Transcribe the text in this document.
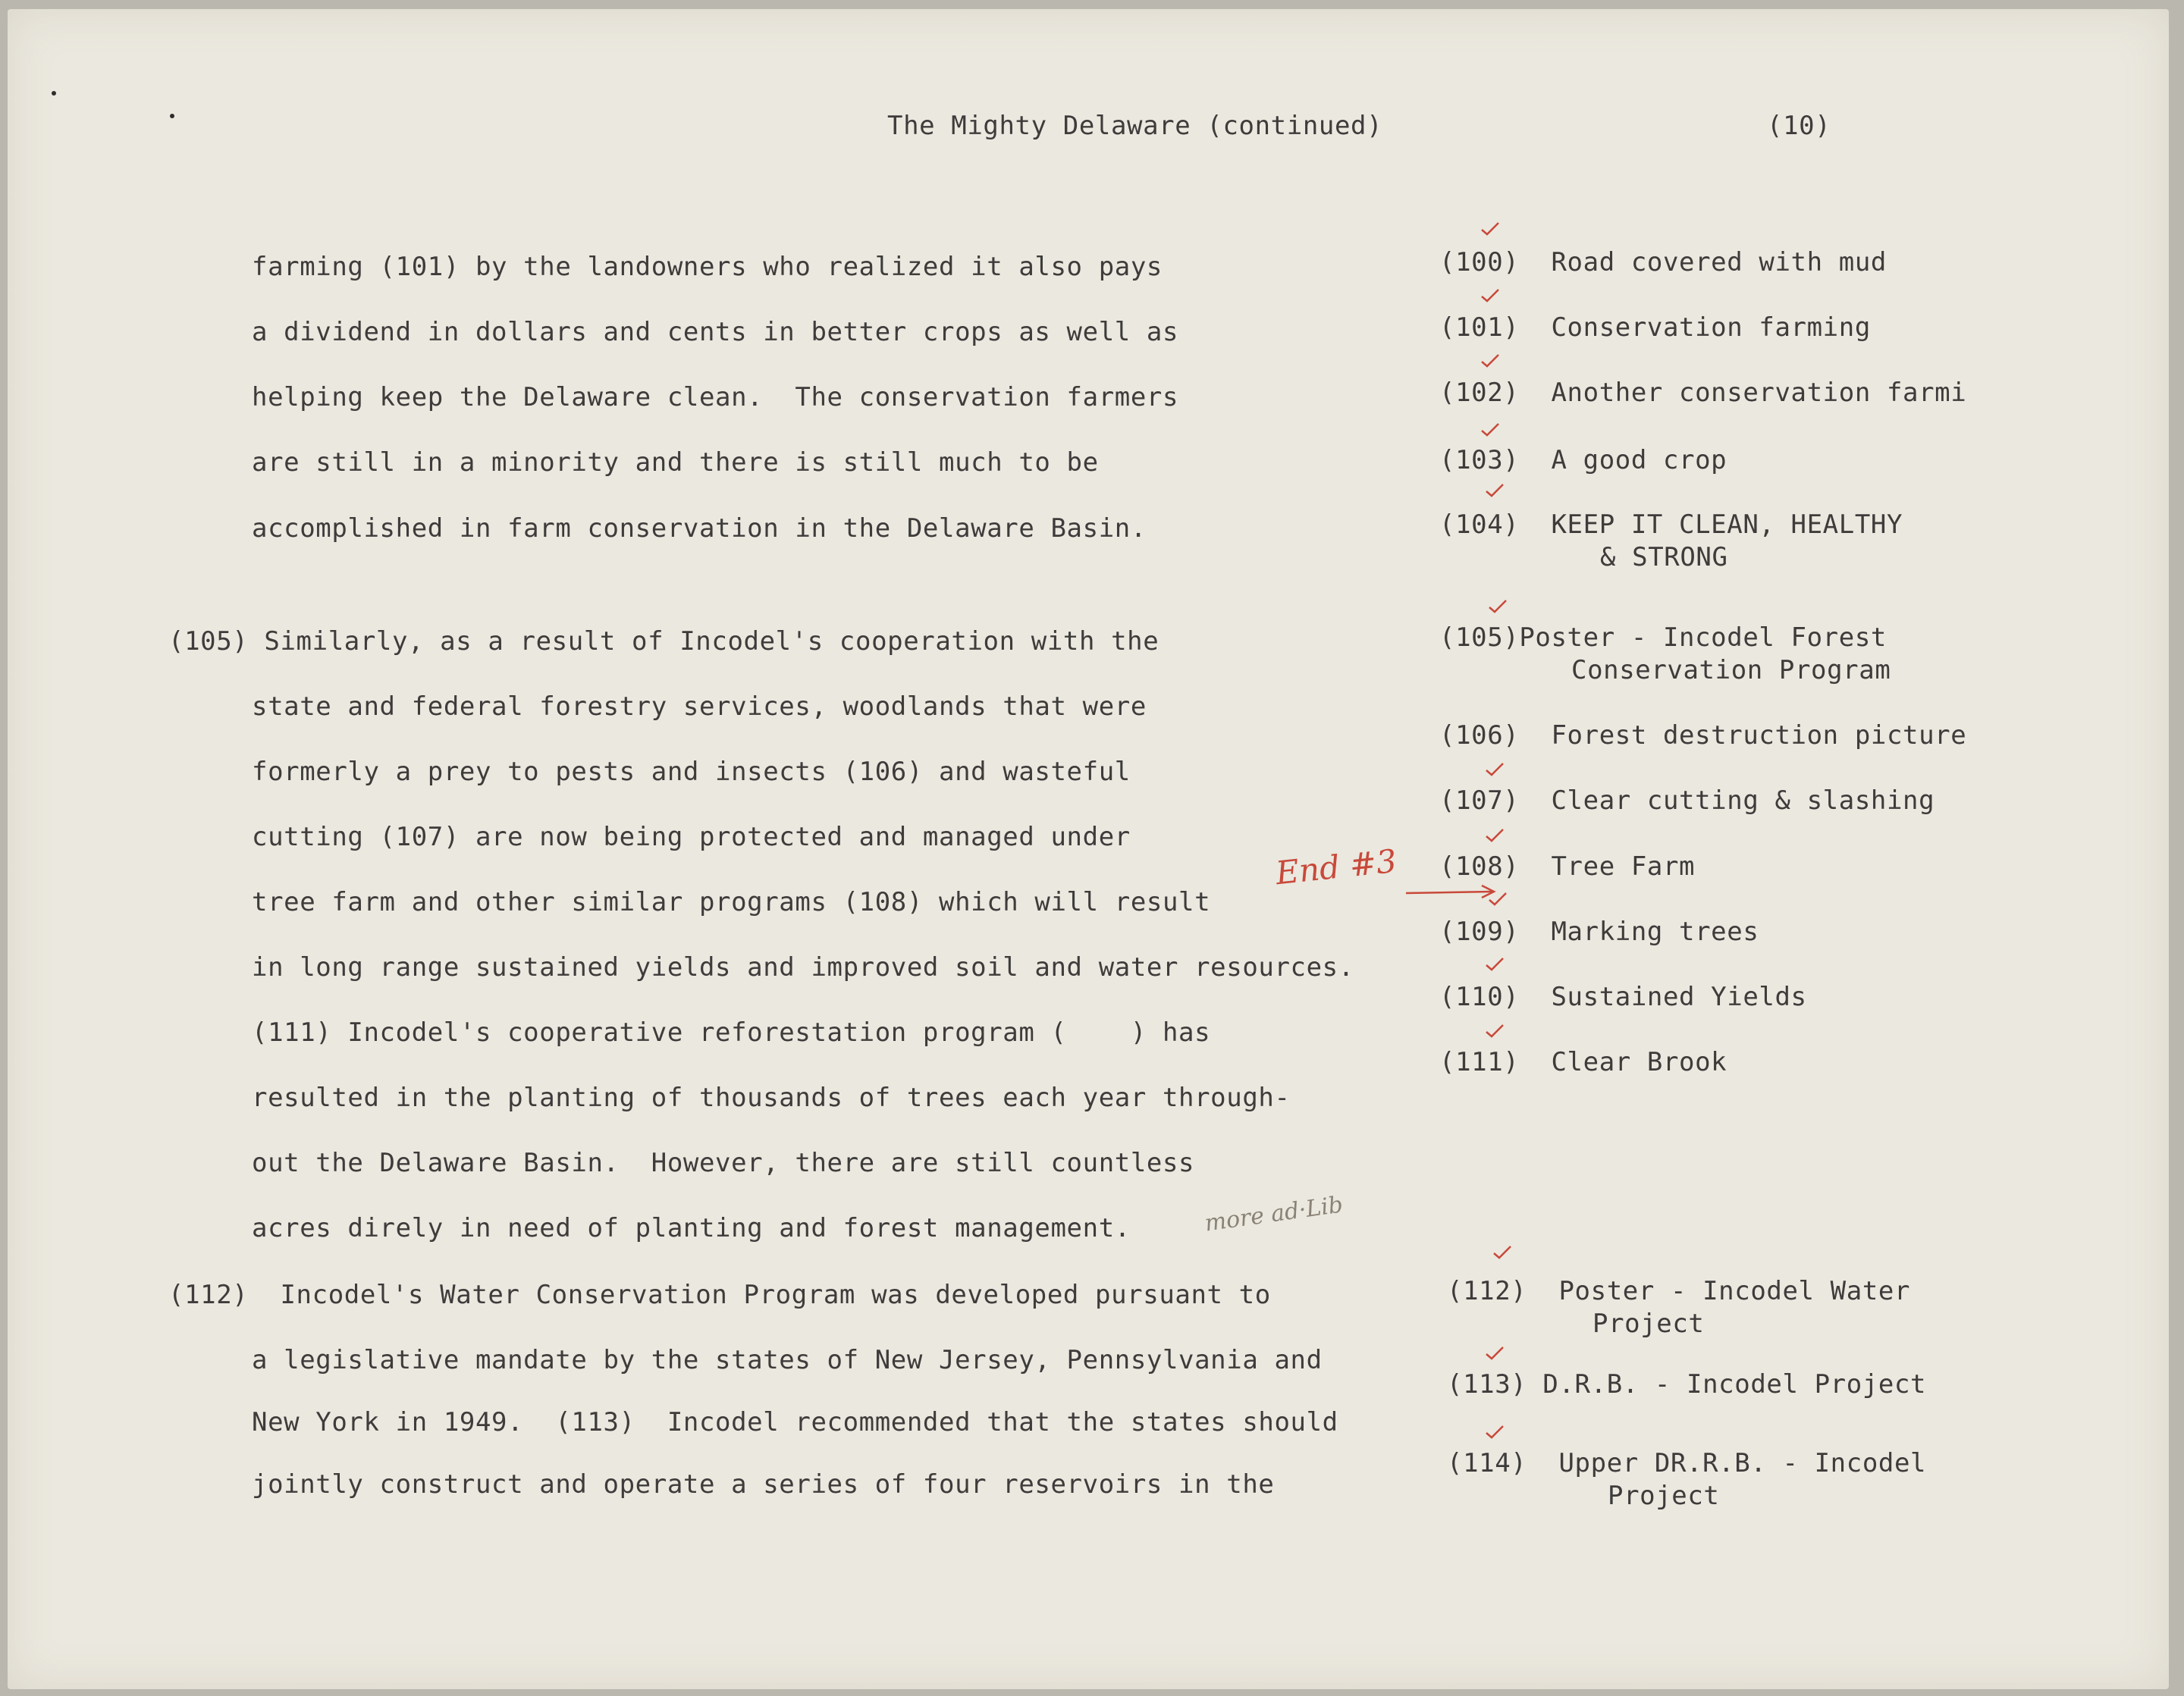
The Mighty Delaware (continued)	(10)
farming (101) by the landowners who realized it also pays
a dividend in dollars and cents in better crops as well as
helping keep the Delaware clean.  The conservation farmers
are still in a minority and there is still much to be
accomplished in farm conservation in the Delaware Basin.
(105) Similarly, as a result of Incodel's cooperation with the
state and federal forestry services, woodlands that were
formerly a prey to pests and insects (106) and wasteful
cutting (107) are now being protected and managed under
tree farm and other similar programs (108) which will result
in long range sustained yields and improved soil and water resources.
(111) Incodel's cooperative reforestation program (    ) has
resulted in the planting of thousands of trees each year through-
out the Delaware Basin.  However, there are still countless
acres direly in need of planting and forest management.
(112)  Incodel's Water Conservation Program was developed pursuant to
a legislative mandate by the states of New Jersey, Pennsylvania and
New York in 1949.  (113)  Incodel recommended that the states should
jointly construct and operate a series of four reservoirs in the
(100)  Road covered with mud
(101)  Conservation farming
(102)  Another conservation farmi
(103)  A good crop
(104)  KEEP IT CLEAN, HEALTHY
& STRONG
(105)Poster - Incodel Forest
Conservation Program
(106)  Forest destruction picture
(107)  Clear cutting & slashing
(108)  Tree Farm
(109)  Marking trees
(110)  Sustained Yields
(111)  Clear Brook
(112)  Poster - Incodel Water
Project
(113) D.R.B. - Incodel Project
(114)  Upper DR.R.B. - Incodel
Project
End #3
more ad·Lib
